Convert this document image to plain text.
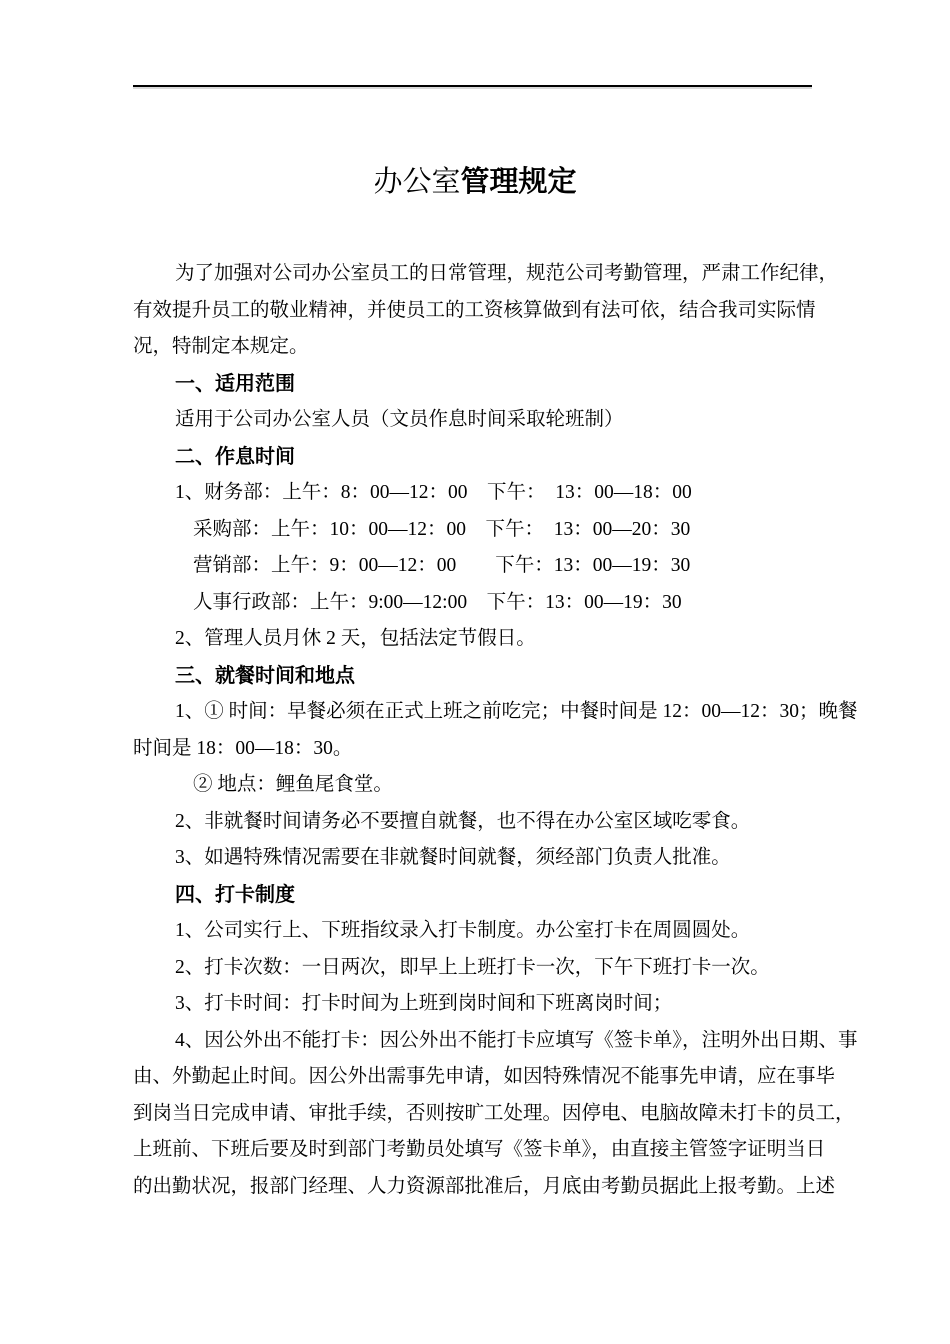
办公室管理规定
为了加强对公司办公室员工的日常管理，规范公司考勤管理，严肃工作纪律，
有效提升员工的敬业精神，并使员工的工资核算做到有法可依，结合我司实际情
况，特制定本规定。
一、适用范围
适用于公司办公室人员（文员作息时间采取轮班制）
二、作息时间
1、财务部：上午：8：00—12：00　下午：　13：00—18：00
采购部：上午：10：00—12：00　下午：　13：00—20：30
营销部：上午：9：00—12：00　　下午：13：00—19：30
人事行政部：上午：9:00—12:00　下午：13：00—19：30
2、管理人员月休 2 天，包括法定节假日。
三、就餐时间和地点
1、① 时间：早餐必须在正式上班之前吃完；中餐时间是 12：00—12：30；晚餐
时间是 18：00—18：30。
② 地点：鲤鱼尾食堂。
2、非就餐时间请务必不要擅自就餐，也不得在办公室区域吃零食。
3、如遇特殊情况需要在非就餐时间就餐，须经部门负责人批准。
四、打卡制度
1、公司实行上、下班指纹录入打卡制度。办公室打卡在周圆圆处。
2、打卡次数：一日两次，即早上上班打卡一次，下午下班打卡一次。
3、打卡时间：打卡时间为上班到岗时间和下班离岗时间；
4、因公外出不能打卡：因公外出不能打卡应填写《签卡单》，注明外出日期、事
由、外勤起止时间。因公外出需事先申请，如因特殊情况不能事先申请，应在事毕
到岗当日完成申请、审批手续，否则按旷工处理。因停电、电脑故障未打卡的员工，
上班前、下班后要及时到部门考勤员处填写《签卡单》，由直接主管签字证明当日
的出勤状况，报部门经理、人力资源部批准后，月底由考勤员据此上报考勤。上述
